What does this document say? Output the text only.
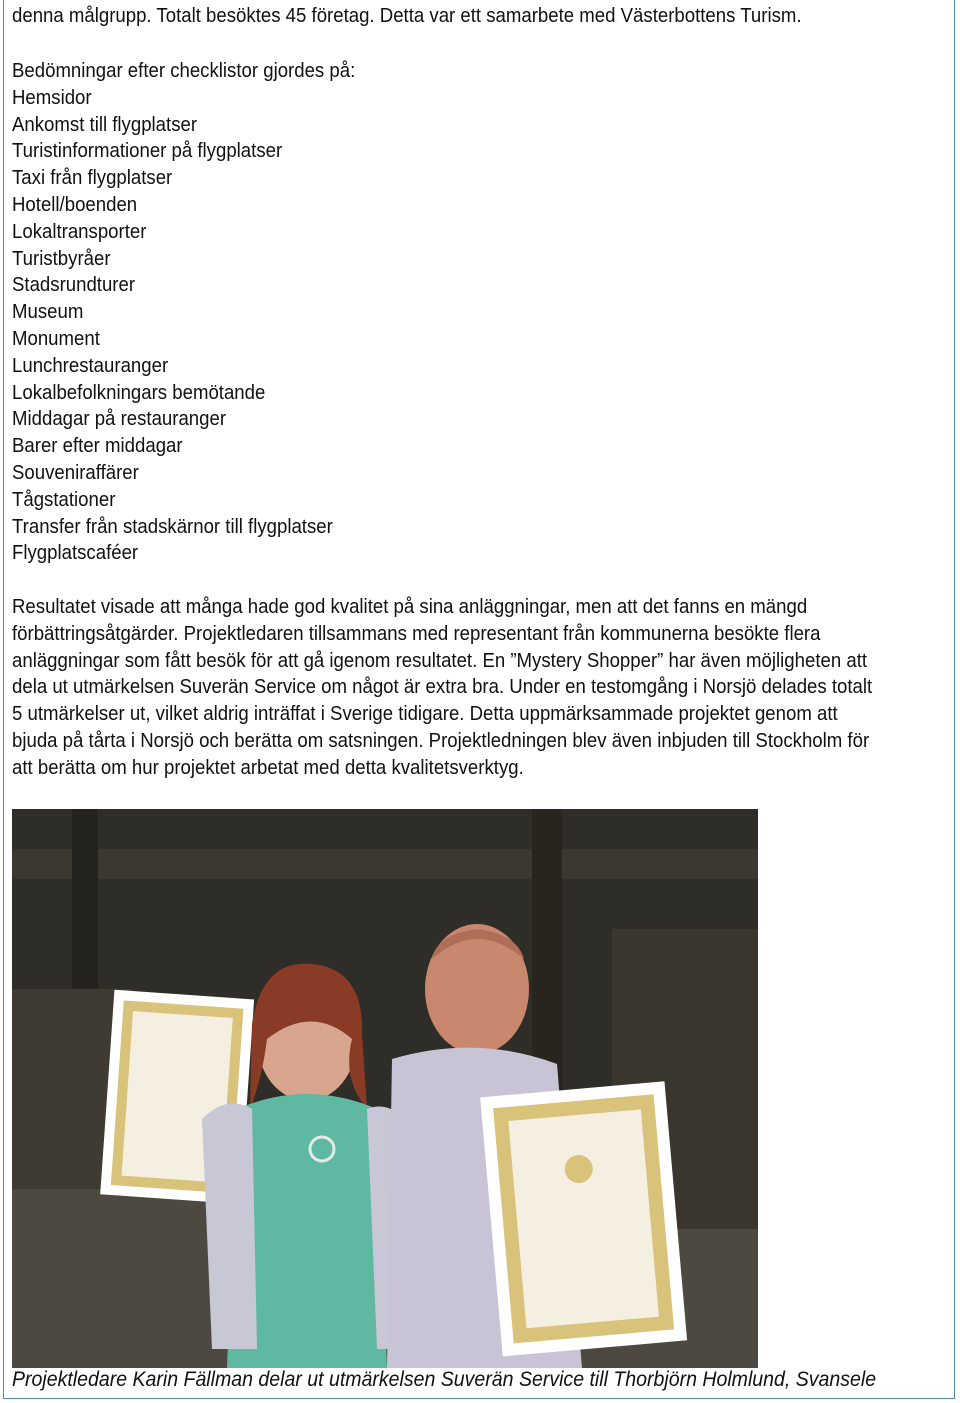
denna målgrupp. Totalt besöktes 45 företag. Detta var ett samarbete med Västerbottens Turism.
Bedömningar efter checklistor gjordes på:
Hemsidor
Ankomst till flygplatser
Turistinformationer på flygplatser
Taxi från flygplatser
Hotell/boenden
Lokaltransporter
Turistbyråer
Stadsrundturer
Museum
Monument
Lunchrestauranger
Lokalbefolkningars bemötande
Middagar på restauranger
Barer efter middagar
Souveniraffärer
Tågstationer
Transfer från stadskärnor till flygplatser
Flygplatscaféer
Resultatet visade att många hade god kvalitet på sina anläggningar, men att det fanns en mängd
förbättringsåtgärder. Projektledaren tillsammans med representant från kommunerna besökte flera
anläggningar som fått besök för att gå igenom resultatet. En ”Mystery Shopper” har även möjligheten att
dela ut utmärkelsen Suverän Service om något är extra bra. Under en testomgång i Norsjö delades totalt
5 utmärkelser ut, vilket aldrig inträffat i Sverige tidigare. Detta uppmärksammade projektet genom att
bjuda på tårta i Norsjö och berätta om satsningen. Projektledningen blev även inbjuden till Stockholm för
att berätta om hur projektet arbetat med detta kvalitetsverktyg.
Projektledare Karin Fällman delar ut utmärkelsen Suverän Service till Thorbjörn Holmlund, Svansele
